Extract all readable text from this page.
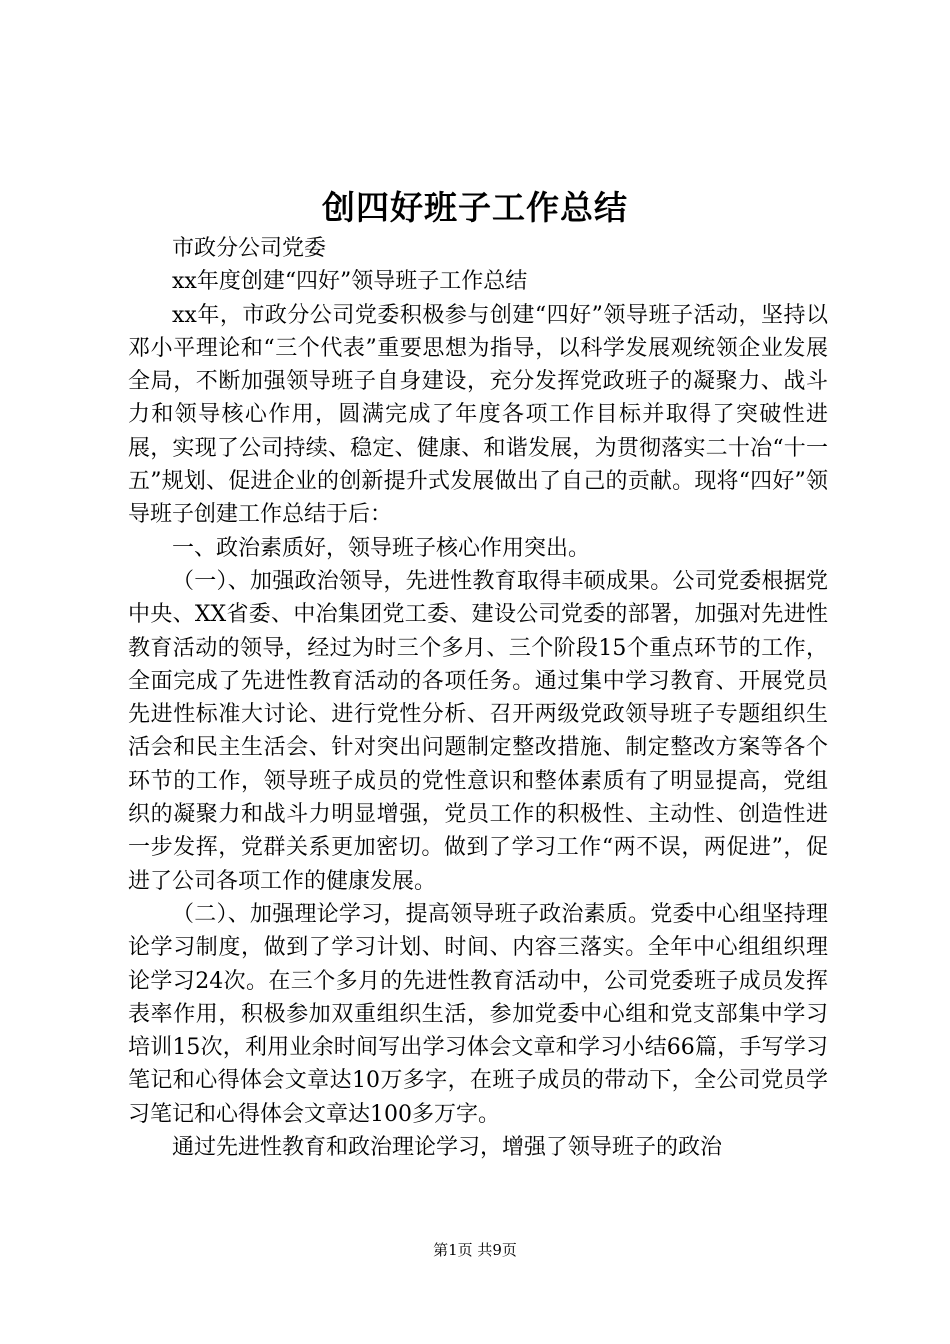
创四好班子工作总结

市政分公司党委

xx年度创建“四好”领导班子工作总结

xx年，市政分公司党委积极参与创建“四好”领导班子活动，坚持以邓小平理论和“三个代表”重要思想为指导，以科学发展观统领企业发展全局，不断加强领导班子自身建设，充分发挥党政班子的凝聚力、战斗力和领导核心作用，圆满完成了年度各项工作目标并取得了突破性进展，实现了公司持续、稳定、健康、和谐发展，为贯彻落实二十冶“十一五”规划、促进企业的创新提升式发展做出了自己的贡献。现将“四好”领导班子创建工作总结于后：

一、政治素质好，领导班子核心作用突出。

（一）、加强政治领导，先进性教育取得丰硕成果。公司党委根据党中央、XX省委、中冶集团党工委、建设公司党委的部署，加强对先进性教育活动的领导，经过为时三个多月、三个阶段15个重点环节的工作，全面完成了先进性教育活动的各项任务。通过集中学习教育、开展党员先进性标准大讨论、进行党性分析、召开两级党政领导班子专题组织生活会和民主生活会、针对突出问题制定整改措施、制定整改方案等各个环节的工作，领导班子成员的党性意识和整体素质有了明显提高，党组织的凝聚力和战斗力明显增强，党员工作的积极性、主动性、创造性进一步发挥，党群关系更加密切。做到了学习工作“两不误，两促进”，促进了公司各项工作的健康发展。

（二）、加强理论学习，提高领导班子政治素质。党委中心组坚持理论学习制度，做到了学习计划、时间、内容三落实。全年中心组组织理论学习24次。在三个多月的先进性教育活动中，公司党委班子成员发挥表率作用，积极参加双重组织生活，参加党委中心组和党支部集中学习培训15次，利用业余时间写出学习体会文章和学习小结66篇，手写学习笔记和心得体会文章达10万多字，在班子成员的带动下，全公司党员学习笔记和心得体会文章达100多万字。

通过先进性教育和政治理论学习，增强了领导班子的政治

第1页 共9页
